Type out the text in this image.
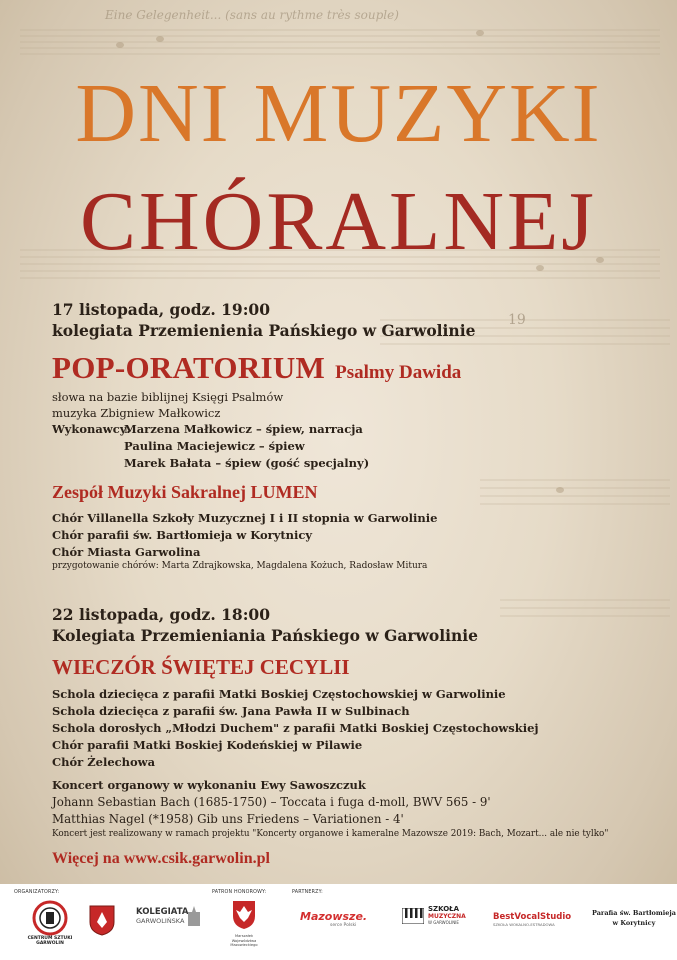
Eine Gelegenheit... (sans au rythme très souple)
19
DNI MUZYKI
CHÓRALNEJ
17 listopada, godz. 19:00
kolegiata Przemienienia Pańskiego w Garwolinie
POP-ORATORIUM Psalmy Dawida
słowa na bazie biblijnej Księgi Psalmów
muzyka Zbigniew Małkowicz
Wykonawcy:
Marzena Małkowicz – śpiew, narracja
Paulina Maciejewicz – śpiew
Marek Bałata – śpiew (gość specjalny)
Zespół Muzyki Sakralnej LUMEN
Chór Villanella Szkoły Muzycznej I i II stopnia w Garwolinie
Chór parafii św. Bartłomieja w Korytnicy
Chór Miasta Garwolina
przygotowanie chórów: Marta Zdrajkowska, Magdalena Kożuch, Radosław Mitura
22 listopada, godz. 18:00
Kolegiata Przemieniania Pańskiego w Garwolinie
WIECZÓR ŚWIĘTEJ CECYLII
Schola dziecięca z parafii Matki Boskiej Częstochowskiej w Garwolinie
Schola dziecięca z parafii św. Jana Pawła II w Sulbinach
Schola dorosłych „Młodzi Duchem" z parafii Matki Boskiej Częstochowskiej
Chór parafii Matki Boskiej Kodeńskiej w Pilawie
Chór Żelechowa
Koncert organowy w wykonaniu Ewy Sawoszczuk
Johann Sebastian Bach (1685-1750) – Toccata i fuga d-moll, BWV 565 - 9'
Matthias Nagel (*1958) Gib uns Friedens – Variationen - 4'
Koncert jest realizowany w ramach projektu "Koncerty organowe i kameralne Mazowsze 2019: Bach, Mozart... ale nie tylko"
Więcej na www.csik.garwolin.pl
ORGANIZATORZY:	PATRON HONOROWY:	PARTNERZY:
CENTRUM SZTUKI GARWOLIN
KOLEGIATA
GARWOLIŃSKA
Marszałek Województwa Mazowieckiego
Mazowsze.
serce Polski
SZKOŁA
MUZYCZNA
W GARWOLINIE
BestVocalStudio
SZKOŁA WOKALNO-ESTRADOWA
Parafia św. Bartłomieja
w Korytnicy
